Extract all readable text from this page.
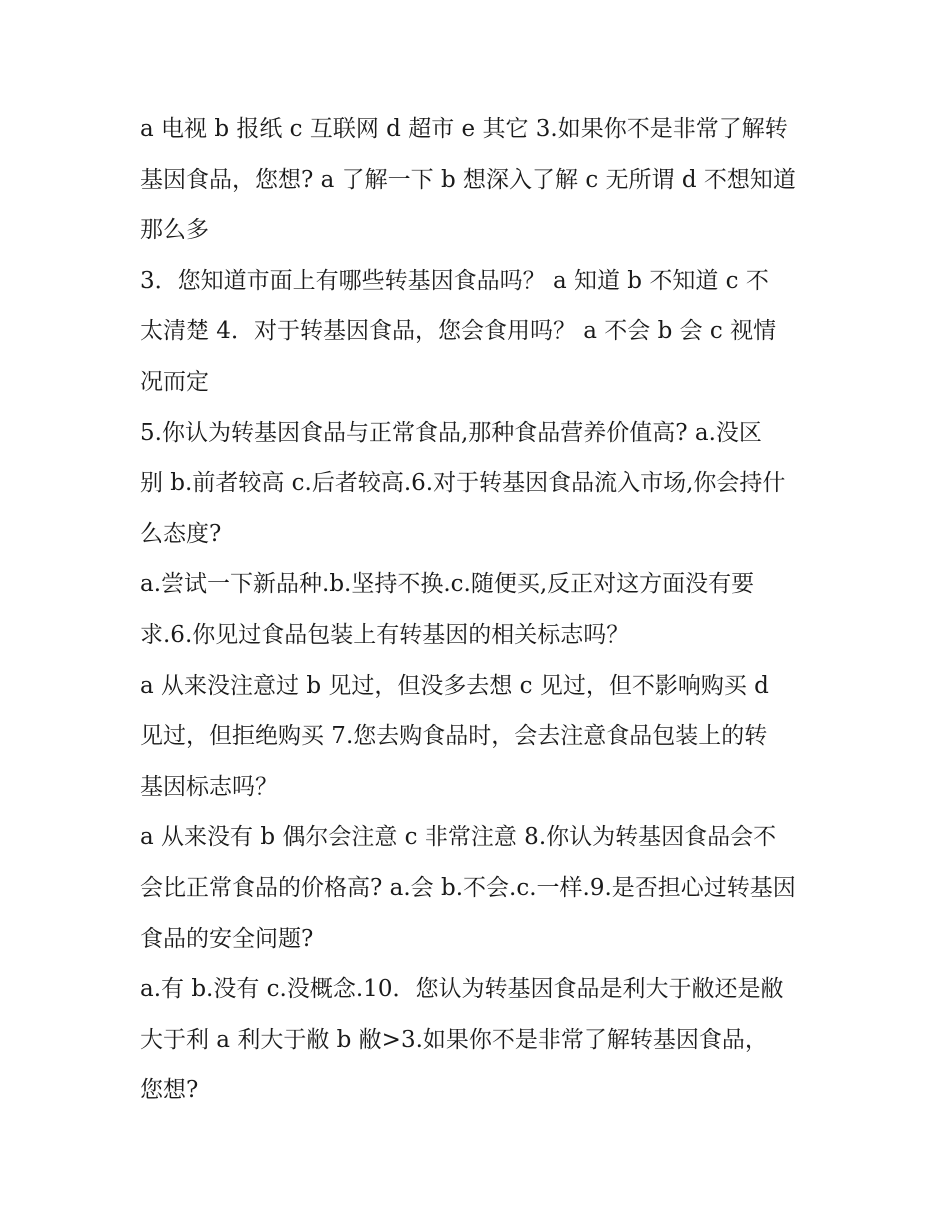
a 电视 b 报纸 c 互联网 d 超市 e 其它 3.如果你不是非常了解转
基因食品，您想? a 了解一下 b 想深入了解 c 无所谓 d 不想知道
那么多
3．您知道市面上有哪些转基因食品吗？ a 知道 b 不知道 c 不
太清楚 4．对于转基因食品，您会食用吗？ a 不会 b 会 c 视情
况而定
5.你认为转基因食品与正常食品,那种食品营养价值高? a.没区
别 b.前者较高 c.后者较高.6.对于转基因食品流入市场,你会持什
么态度?
a.尝试一下新品种.b.坚持不换.c.随便买,反正对这方面没有要
求.6.你见过食品包装上有转基因的相关标志吗？
a 从来没注意过 b 见过，但没多去想 c 见过，但不影响购买 d
见过，但拒绝购买 7.您去购食品时，会去注意食品包装上的转
基因标志吗？
a 从来没有 b 偶尔会注意 c 非常注意 8.你认为转基因食品会不
会比正常食品的价格高? a.会 b.不会.c.一样.9.是否担心过转基因
食品的安全问题?
a.有 b.没有 c.没概念.10．您认为转基因食品是利大于敝还是敝
大于利 a 利大于敝 b 敝>3.如果你不是非常了解转基因食品，
您想?
